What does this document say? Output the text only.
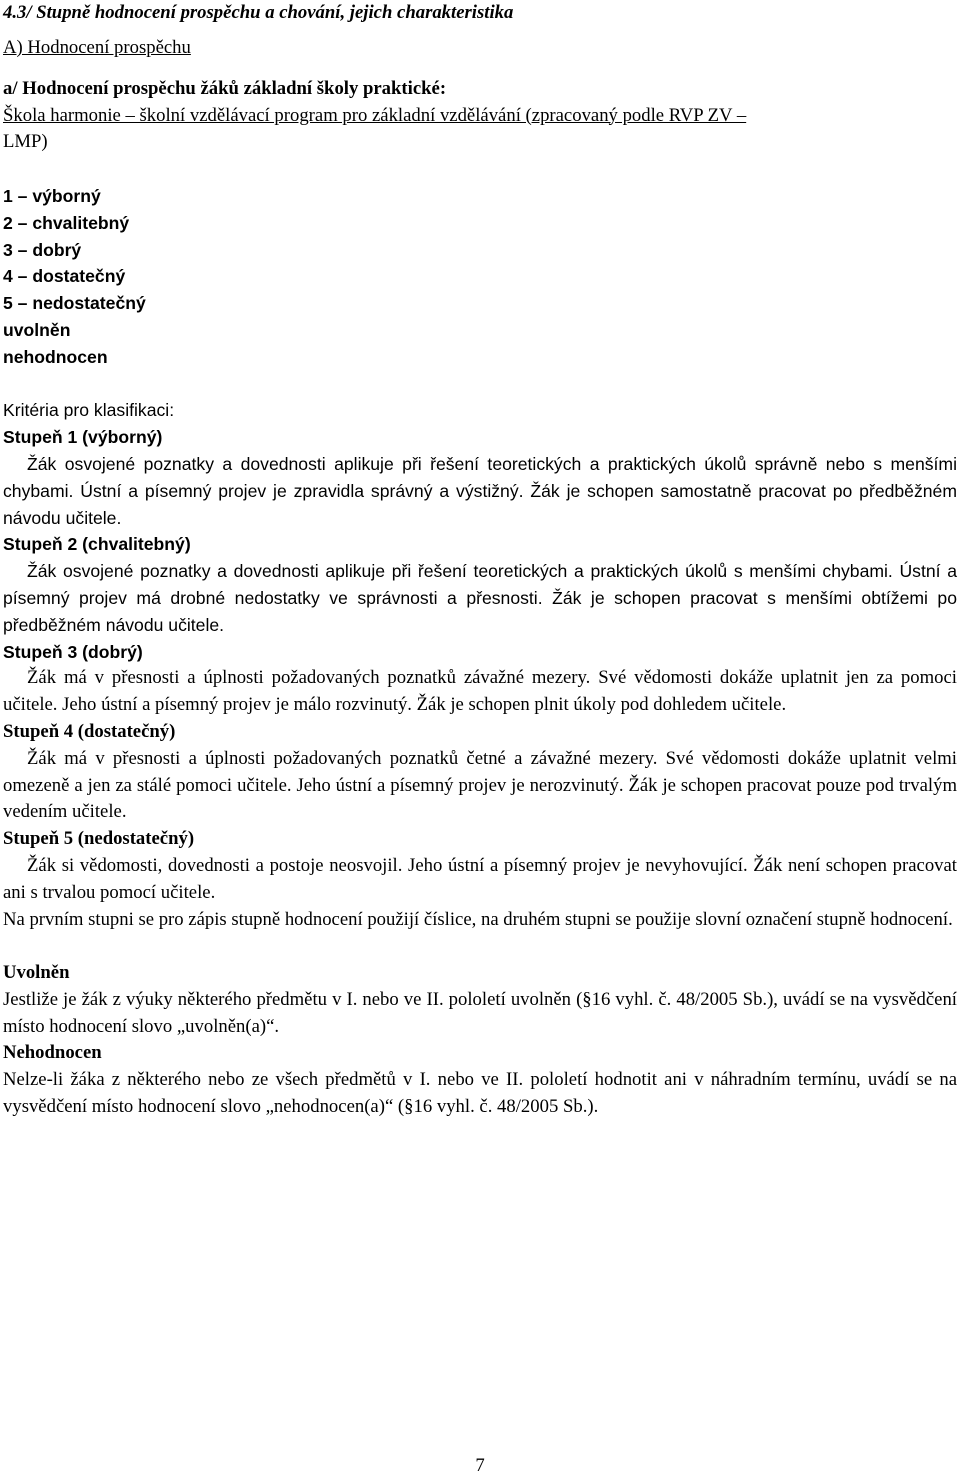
4.3/ Stupně hodnocení prospěchu a chování, jejich charakteristika

A) Hodnocení prospěchu

a/ Hodnocení prospěchu žáků základní školy praktické:

Škola harmonie – školní vzdělávací program pro základní vzdělávání (zpracovaný podle RVP ZV –

LMP)

1 – výborný

2 – chvalitebný

3 – dobrý

4 – dostatečný

5 – nedostatečný

uvolněn

nehodnocen

Kritéria pro klasifikaci:

Stupeň 1 (výborný)

Žák osvojené poznatky a dovednosti aplikuje při řešení teoretických a praktických úkolů správně nebo s menšími chybami. Ústní a písemný projev je zpravidla správný a výstižný. Žák je schopen samostatně pracovat po předběžném návodu učitele.

Stupeň 2 (chvalitebný)

Žák osvojené poznatky a dovednosti aplikuje při řešení teoretických a praktických úkolů s menšími chybami. Ústní a písemný projev má drobné nedostatky ve správnosti a přesnosti. Žák je schopen pracovat s menšími obtížemi po předběžném návodu učitele.

Stupeň 3 (dobrý)

Žák má v přesnosti a úplnosti požadovaných poznatků závažné mezery. Své vědomosti dokáže uplatnit jen za pomoci učitele. Jeho ústní a písemný projev je málo rozvinutý. Žák je schopen plnit úkoly pod dohledem učitele.

Stupeň 4 (dostatečný)

Žák má v přesnosti a úplnosti požadovaných poznatků četné a závažné mezery. Své vědomosti dokáže uplatnit velmi omezeně a jen za stálé pomoci učitele. Jeho ústní a písemný projev je nerozvinutý. Žák je schopen pracovat pouze pod trvalým vedením učitele.

Stupeň 5 (nedostatečný)

Žák si vědomosti, dovednosti a postoje neosvojil. Jeho ústní a písemný projev je nevyhovující. Žák není schopen pracovat ani s trvalou pomocí učitele.

Na prvním stupni se pro zápis stupně hodnocení použijí číslice, na druhém stupni se použije slovní označení stupně hodnocení.

Uvolněn

Jestliže je žák z výuky některého předmětu v I. nebo ve II. pololetí uvolněn (§16 vyhl. č. 48/2005 Sb.), uvádí se na vysvědčení místo hodnocení slovo „uvolněn(a)“.

Nehodnocen

Nelze-li žáka z některého nebo ze všech předmětů v I. nebo ve II. pololetí hodnotit ani v náhradním termínu, uvádí se na vysvědčení místo hodnocení slovo „nehodnocen(a)“ (§16 vyhl. č. 48/2005 Sb.).

7
